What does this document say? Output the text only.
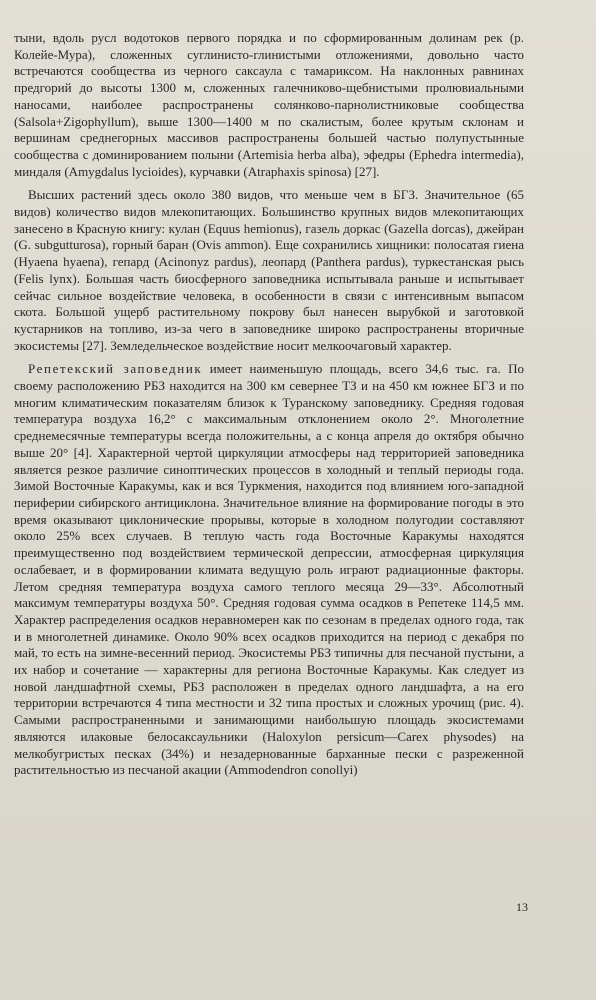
тыни, вдоль русл водотоков первого порядка и по сформированным долинам рек (р. Колейе-Мура), сложенных суглинисто-глинистыми отложениями, довольно часто встречаются сообщества из черного саксаула с тамариксом. На наклонных равнинах предгорий до высоты 1300 м, сложенных галечниково-щебнистыми пролювиальными наносами, наиболее распространены солянково-парнолистниковые сообщества (Salsola+Zigophyllum), выше 1300—1400 м по скалистым, более крутым склонам и вершинам среднегорных массивов распространены большей частью полупустынные сообщества с доминированием полыни (Artemisia herba alba), эфедры (Ephedra intermedia), миндаля (Amygdalus lycioides), курчавки (Atraphaxis spinosa) [27].

Высших растений здесь около 380 видов, что меньше чем в БГЗ. Значительное (65 видов) количество видов млекопитающих. Большинство крупных видов млекопитающих занесено в Красную книгу: кулан (Equus hemionus), газель доркас (Gazella dorcas), джейран (G. subgutturosa), горный баран (Ovis ammon). Еще сохранились хищники: полосатая гиена (Hyaena hyaena), гепард (Acinonyz pardus), леопард (Panthera pardus), туркестанская рысь (Felis lynx). Большая часть биосферного заповедника испытывала раньше и испытывает сейчас сильное воздействие человека, в особенности в связи с интенсивным выпасом скота. Большой ущерб растительному покрову был нанесен вырубкой и заготовкой кустарников на топливо, из-за чего в заповеднике широко распространены вторичные экосистемы [27]. Земледельческое воздействие носит мелкоочаговый характер.

Репетекский заповедник имеет наименьшую площадь, всего 34,6 тыс. га. По своему расположению РБЗ находится на 300 км севернее ТЗ и на 450 км южнее БГЗ и по многим климатическим показателям близок к Туранскому заповеднику. Средняя годовая температура воздуха 16,2° с максимальным отклонением около 2°. Многолетние среднемесячные температуры всегда положительны, а с конца апреля до октября обычно выше 20° [4]. Характерной чертой циркуляции атмосферы над территорией заповедника является резкое различие синоптических процессов в холодный и теплый периоды года. Зимой Восточные Каракумы, как и вся Туркмения, находится под влиянием юго-западной периферии сибирского антициклона. Значительное влияние на формирование погоды в это время оказывают циклонические прорывы, которые в холодном полугодии составляют около 25% всех случаев. В теплую часть года Восточные Каракумы находятся преимущественно под воздействием термической депрессии, атмосферная циркуляция ослабевает, и в формировании климата ведущую роль играют радиационные факторы. Летом средняя температура воздуха самого теплого месяца 29—33°. Абсолютный максимум температуры воздуха 50°. Средняя годовая сумма осадков в Репетеке 114,5 мм. Характер распределения осадков неравномерен как по сезонам в пределах одного года, так и в многолетней динамике. Около 90% всех осадков приходится на период с декабря по май, то есть на зимне-весенний период. Экосистемы РБЗ типичны для песчаной пустыни, а их набор и сочетание — характерны для региона Восточные Каракумы. Как следует из новой ландшафтной схемы, РБЗ расположен в пределах одного ландшафта, а на его территории встречаются 4 типа местности и 32 типа простых и сложных урочищ (рис. 4). Самыми распространенными и занимающими наибольшую площадь экосистемами являются илаковые белосаксаульники (Haloxylon persicum—Carex physodes) на мелкобугристых песках (34%) и незадернованные барханные пески с разреженной растительностью из песчаной акации (Ammodendron conollyi)

13
